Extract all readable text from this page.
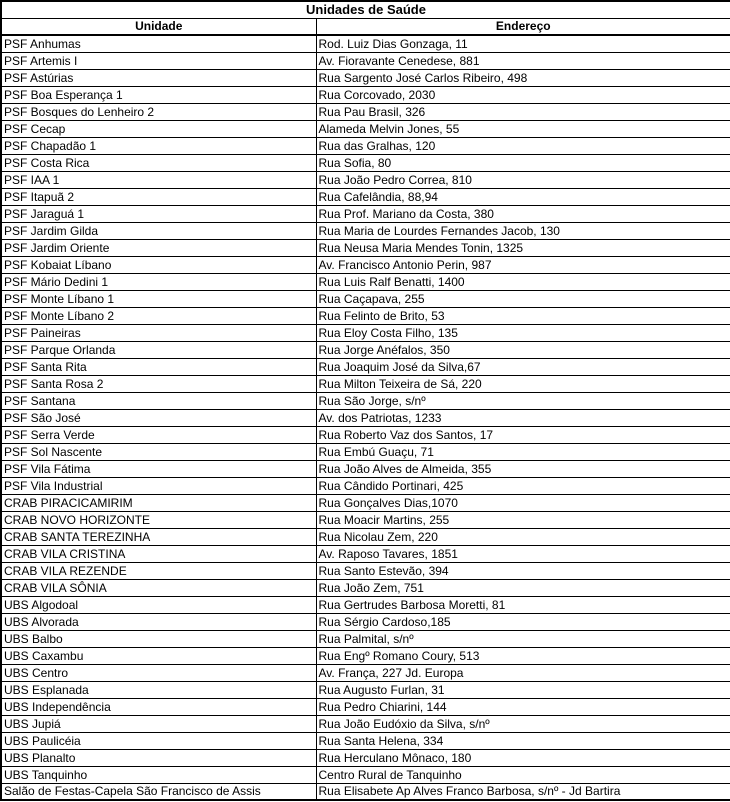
Unidades de Saúde	
Unidade	Endereço
PSF Anhumas	Rod. Luiz Dias Gonzaga, 11
PSF Artemis I	Av. Fioravante Cenedese, 881
PSF Astúrias	Rua Sargento José Carlos Ribeiro, 498
PSF Boa Esperança 1	Rua Corcovado, 2030
PSF Bosques do Lenheiro 2	Rua Pau Brasil, 326
PSF Cecap	Alameda Melvin Jones, 55
PSF Chapadão 1	Rua das Gralhas, 120
PSF Costa Rica	Rua Sofia, 80
PSF IAA 1	Rua João Pedro Correa, 810
PSF Itapuã 2	Rua Cafelândia, 88,94
PSF Jaraguá 1	Rua Prof. Mariano da Costa, 380
PSF Jardim Gilda	Rua Maria de Lourdes Fernandes Jacob, 130
PSF Jardim Oriente	Rua Neusa Maria Mendes Tonin, 1325
PSF Kobaiat Líbano	Av. Francisco Antonio Perin, 987
PSF Mário Dedini 1	Rua Luis Ralf Benatti, 1400
PSF Monte Líbano 1	Rua Caçapava, 255
PSF Monte Líbano 2	Rua Felinto de Brito, 53
PSF Paineiras	Rua Eloy Costa Filho, 135
PSF Parque Orlanda	Rua Jorge Anéfalos, 350
PSF Santa Rita	Rua Joaquim José da Silva,67
PSF Santa Rosa 2	Rua Milton Teixeira de Sá, 220
PSF Santana	Rua São Jorge, s/nº
PSF São José	Av. dos Patriotas, 1233
PSF Serra Verde	Rua Roberto Vaz dos Santos, 17
PSF Sol Nascente	Rua Embú Guaçu, 71
PSF Vila Fátima	Rua João Alves de Almeida, 355
PSF Vila Industrial	Rua Cândido Portinari, 425
CRAB PIRACICAMIRIM	Rua Gonçalves Dias,1070
CRAB NOVO HORIZONTE	Rua Moacir Martins, 255
CRAB SANTA TEREZINHA	Rua Nicolau Zem, 220
CRAB VILA CRISTINA	Av. Raposo Tavares, 1851
CRAB VILA REZENDE	Rua Santo Estevão, 394
CRAB VILA SÔNIA	Rua João Zem, 751
UBS Algodoal	Rua Gertrudes Barbosa Moretti, 81
UBS Alvorada	Rua Sérgio Cardoso,185
UBS Balbo	Rua Palmital, s/nº
UBS Caxambu	Rua Engº Romano Coury, 513
UBS Centro	Av. França, 227 Jd. Europa
UBS Esplanada	Rua Augusto Furlan, 31
UBS Independência	Rua Pedro Chiarini, 144
UBS Jupiá	Rua João Eudóxio da Silva, s/nº
UBS Paulicéia	Rua Santa Helena, 334
UBS Planalto	Rua Herculano Mônaco, 180
UBS Tanquinho	Centro Rural de Tanquinho
Salão de Festas-Capela São Francisco de Assis	Rua Elisabete Ap Alves Franco Barbosa, s/nº - Jd Bartira
